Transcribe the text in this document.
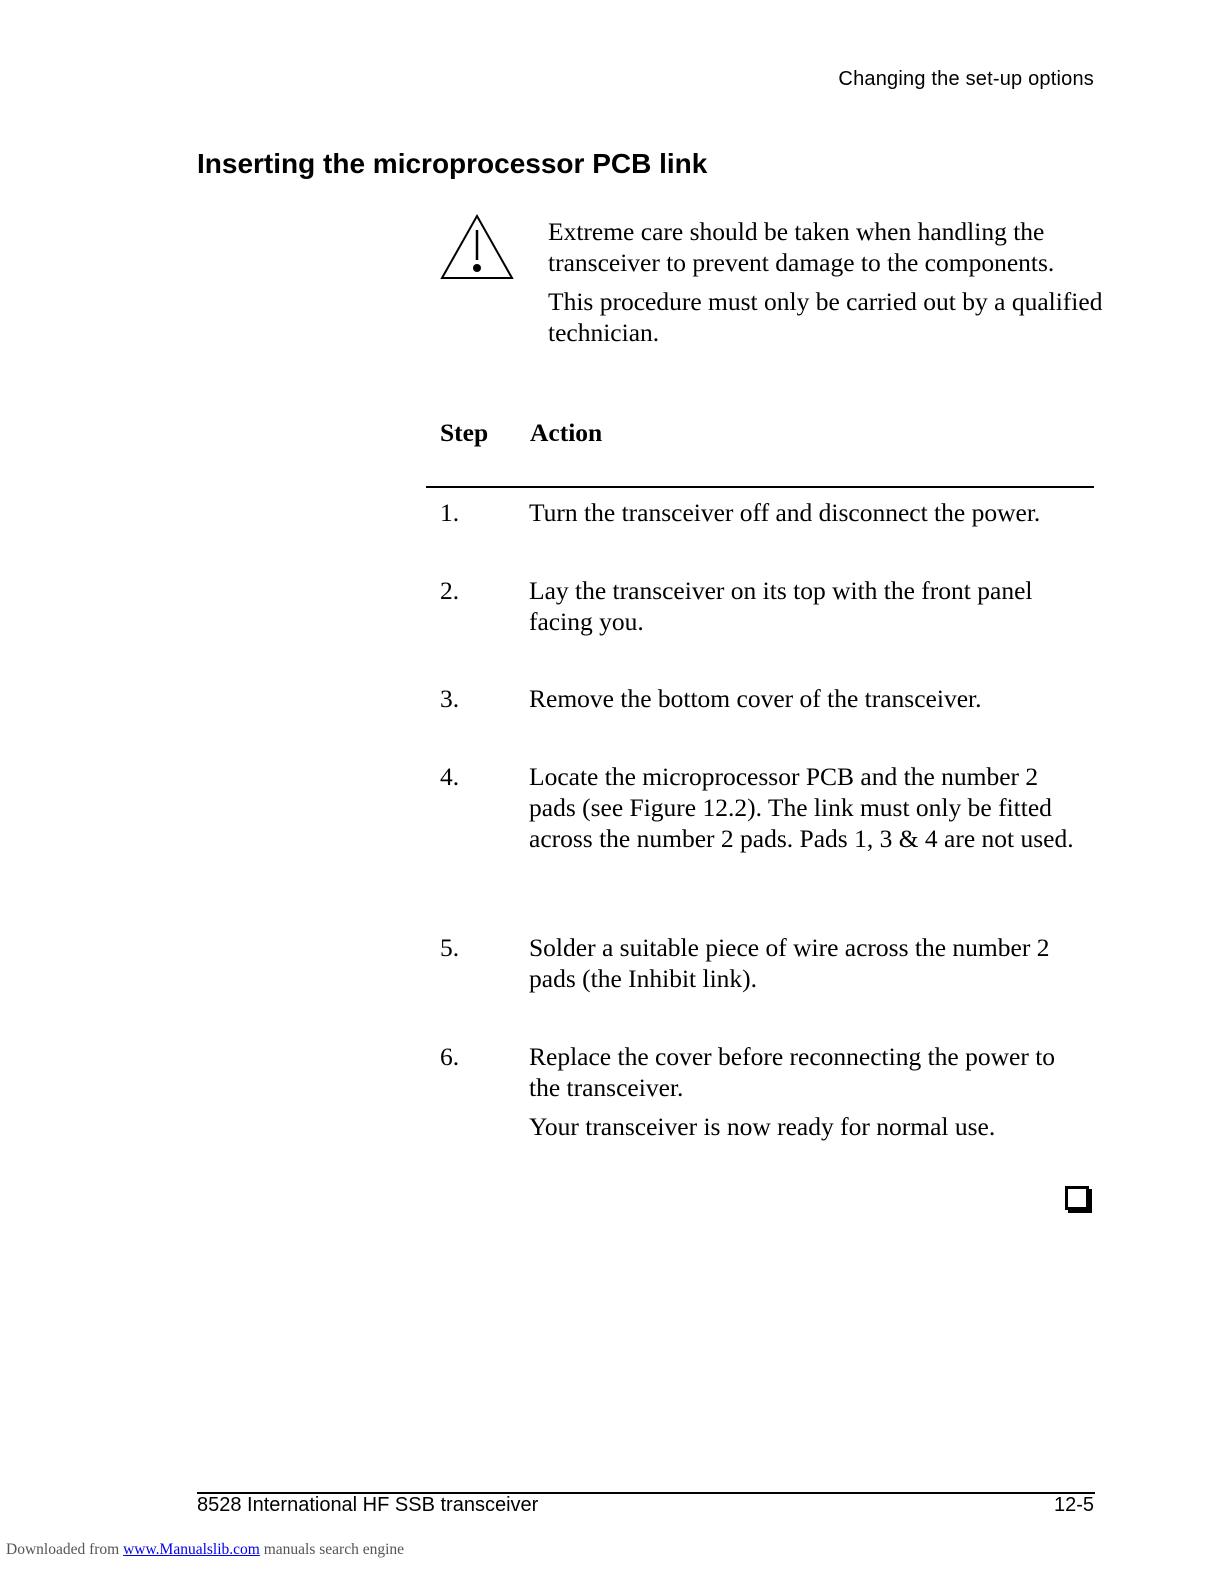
Changing the set-up options
Inserting the microprocessor PCB link

Extreme care should be taken when handling the transceiver to prevent damage to the components.

This procedure must only be carried out by a qualified technician.

Step Action
1.	Turn the transceiver off and disconnect the power.

2.	Lay the transceiver on its top with the front panel facing you.

3.	Remove the bottom cover of the transceiver.

4.	Locate the microprocessor PCB and the number 2 pads (see Figure 12.2). The link must only be fitted across the number 2 pads. Pads 1, 3 & 4 are not used.

5.	Solder a suitable piece of wire across the number 2 pads (the Inhibit link).

6.	Replace the cover before reconnecting the power to the transceiver.

Your transceiver is now ready for normal use.

8528 International HF SSB transceiver	12-5
Downloaded from www.Manualslib.com manuals search engine
